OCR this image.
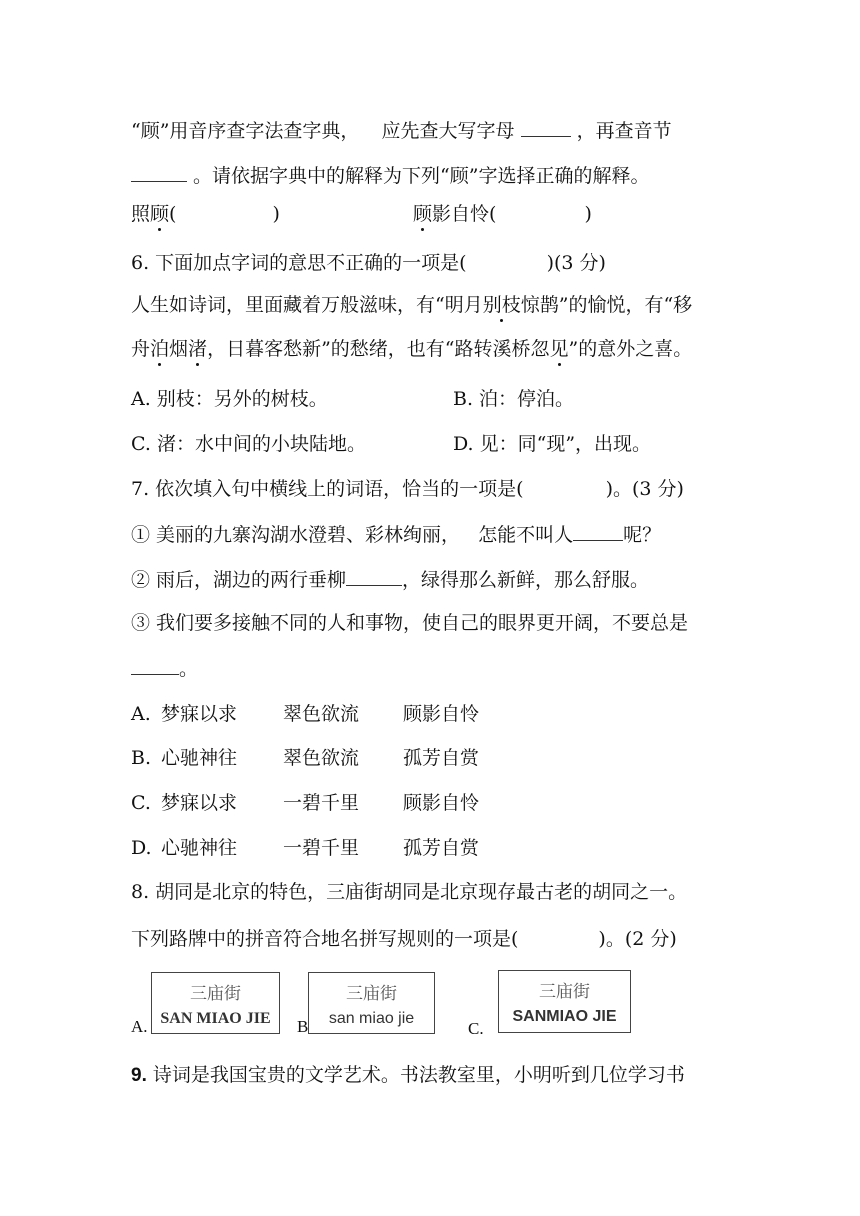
“顾”用音序查字法查字典， 应先查大写字母	，再查音节
。请依据字典中的解释为下列“顾”字选择正确的解释。
照顾(	)	顾影自怜(	)
6. 下面加点字词的意思不正确的一项是(	)(3 分)
人生如诗词，里面藏着万般滋味，有“明月别枝惊鹊”的愉悦，有“移
舟泊烟渚，日暮客愁新”的愁绪，也有“路转溪桥忽见”的意外之喜。
A. 别枝：另外的树枝。	B. 泊：停泊。
C. 渚：水中间的小块陆地。	D. 见：同“现”，出现。
7. 依次填入句中横线上的词语，恰当的一项是(	)。(3 分)
① 美丽的九寨沟湖水澄碧、彩林绚丽， 怎能不叫人	呢？
② 雨后，湖边的两行垂柳	，绿得那么新鲜，那么舒服。
③ 我们要多接触不同的人和事物，使自己的眼界更开阔，不要总是
。
A. 梦寐以求 翠色欲流 顾影自怜
B. 心驰神往 翠色欲流 孤芳自赏
C. 梦寐以求 一碧千里 顾影自怜
D. 心驰神往 一碧千里 孤芳自赏
8. 胡同是北京的特色，三庙街胡同是北京现存最古老的胡同之一。
下列路牌中的拼音符合地名拼写规则的一项是(	)。(2 分)
A.
三庙街
SAN MIAO JIE	B
三庙街
san miao jie
C.
三庙街
SANMIAO JIE
9. 诗词是我国宝贵的文学艺术。书法教室里，小明听到几位学习书
